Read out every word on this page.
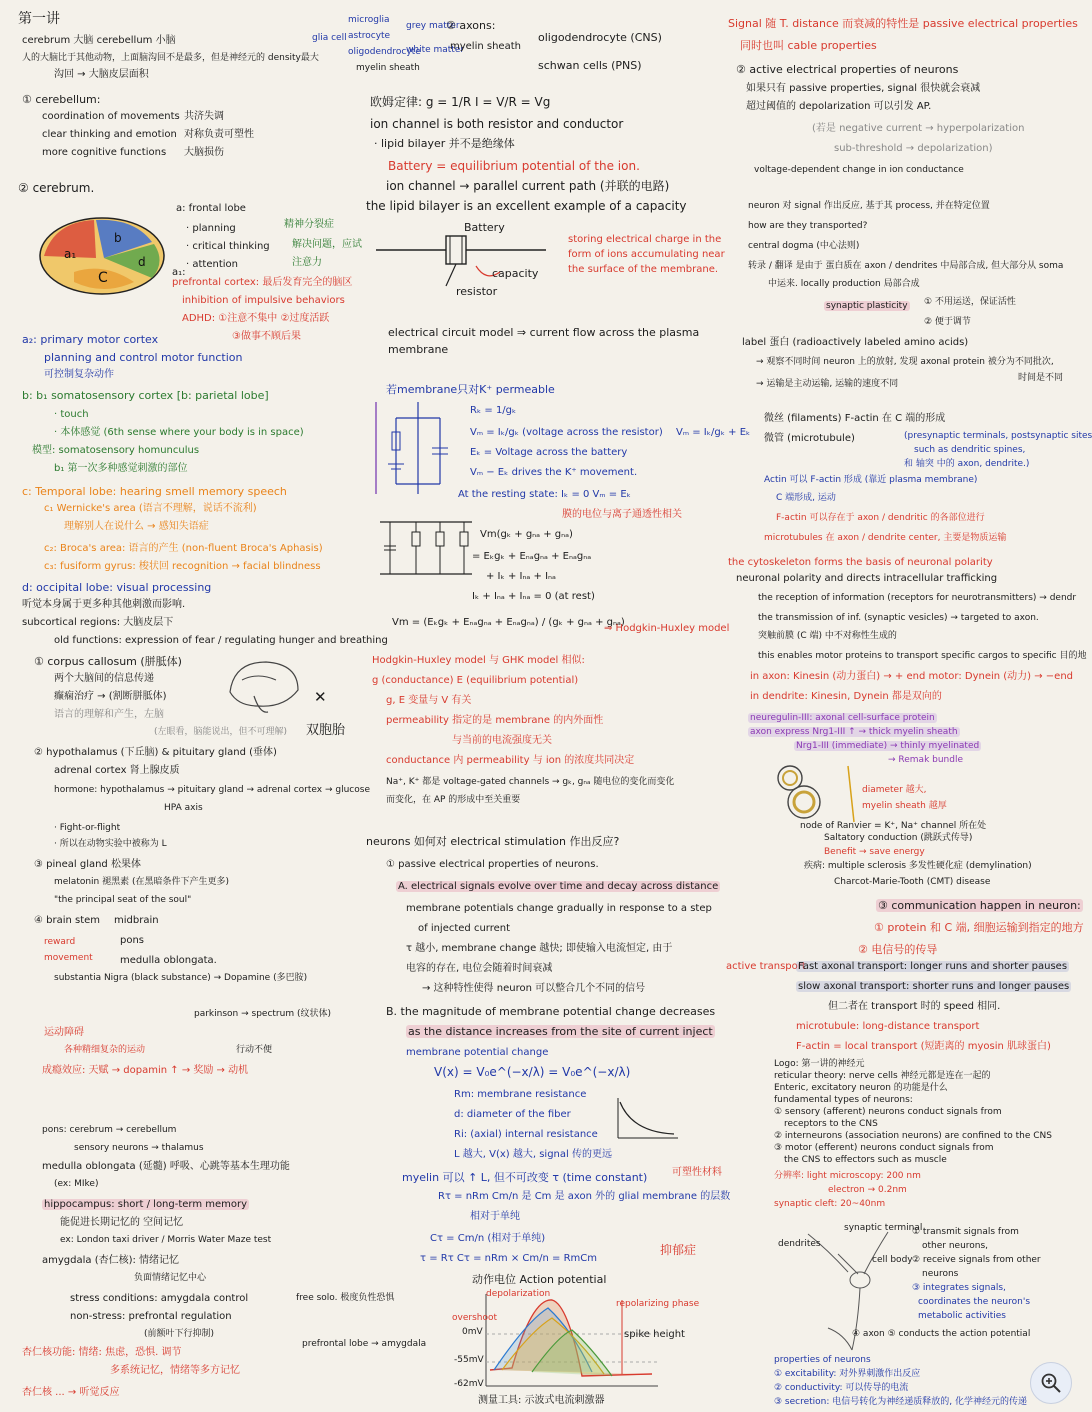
第一讲
cerebrum 大脑 cerebellum 小脑
人的大脑比于其他动物，上面脑沟回不是最多，但是神经元的 density最大
沟回 → 大脑皮层面积
① cerebellum:
coordination of movements
clear thinking and emotion
more cognitive functions
共济失调
对称负责可塑性
大脑损伤
② cerebrum.
a₁
b
d
C
a: frontal lobe
· planning
· critical thinking
· attention
精神分裂症
解决问题，应试
注意力
a₁:
prefrontal cortex: 最后发育完全的脑区
inhibition of impulsive behaviors
ADHD: ①注意不集中 ②过度活跃
③做事不顾后果
a₂: primary motor cortex
planning and control motor function
可控制复杂动作
b: b₁ somatosensory cortex [b: parietal lobe]
· touch
· 本体感觉 (6th sense where your body is in space)
模型: somatosensory homunculus
b₁ 第一次多种感觉刺激的部位
c: Temporal lobe: hearing smell memory speech
c₁ Wernicke's area (语言不理解，说话不流利)
理解别人在说什么 → 感知失语症
c₂: Broca's area: 语言的产生 (non-fluent Broca's Aphasis)
c₃: fusiform gyrus: 梭状回 recognition → facial blindness
d: occipital lobe: visual processing
听觉本身属于更多种其他刺激而影响.
subcortical regions: 大脑皮层下
old functions: expression of fear / regulating hunger and breathing
① corpus callosum (胼胝体)
两个大脑间的信息传递
癫痫治疗 → (割断胼胝体)
语言的理解和产生，左脑
(左眼看，脑能说出，但不可理解)
✕
双胞胎
② hypothalamus (下丘脑) & pituitary gland (垂体)
adrenal cortex 肾上腺皮质
hormone: hypothalamus → pituitary gland → adrenal cortex → glucose
HPA axis
· Fight-or-flight
· 所以在动物实验中被称为 L
③ pineal gland 松果体
melatonin 褪黑素 (在黑暗条件下产生更多)
"the principal seat of the soul"
④ brain stem midbrain
pons
medulla oblongata.
reward
movement
substantia Nigra (black substance) → Dopamine (多巴胺)
parkinson → spectrum (纹状体)
运动障碍
各种精细复杂的运动	行动不便
成瘾效应: 天赋 → dopamin ↑ → 奖励 → 动机
pons: cerebrum → cerebellum
sensory neurons → thalamus
medulla oblongata (延髓) 呼吸、心跳等基本生理功能
(ex: MIke)
hippocampus: short / long-term memory
能促进长期记忆的 空间记忆
ex: London taxi driver / Morris Water Maze test
amygdala (杏仁核): 情绪记忆
负面情绪记忆中心
stress conditions: amygdala control
non-stress: prefrontal regulation
(前额叶下行抑制)
free solo. 极度负性恐惧
prefrontal lobe → amygdala
杏仁核功能: 情绪: 焦虑，恐惧. 调节
多系统记忆，情绪等多方记忆
杏仁核 ... → 听觉反应
glia cell
microglia
astrocyte
oligodendrocyte
grey matter
white matter
myelin sheath
② axons:
myelin sheath
oligodendrocyte (CNS)
schwan cells (PNS)
欧姆定律: g = 1/R I = V/R = Vg
ion channel is both resistor and conductor
· lipid bilayer 并不是绝缘体
Battery = equilibrium potential of the ion.
ion channel → parallel current path (并联的电路)
the lipid bilayer is an excellent example of a capacity
Battery
capacity
resistor
storing electrical charge in the form of ions accumulating near the surface of the membrane.
electrical circuit model ⇒ current flow across the plasma membrane
若membrane只对K⁺ permeable
Rₖ = 1/gₖ
Vₘ = Iₖ/gₖ (voltage across the resistor)
Eₖ = Voltage across the battery
Vₘ − Eₖ drives the K⁺ movement.
At the resting state: Iₖ = 0 Vₘ = Eₖ
Vₘ = Iₖ/gₖ + Eₖ
膜的电位与离子通透性相关
Vm(gₖ + gₙₐ + gₙₐ)
= Eₖgₖ + Eₙₐgₙₐ + Eₙₐgₙₐ
+ Iₖ + Iₙₐ + Iₙₐ
Iₖ + Iₙₐ + Iₙₐ = 0 (at rest)
Vm = (Eₖgₖ + Eₙₐgₙₐ + Eₙₐgₙₐ) / (gₖ + gₙₐ + gₙₐ)
⇒ Hodgkin-Huxley model
Hodgkin-Huxley model 与 GHK model 相似:
g (conductance) E (equilibrium potential)
g, E 变量与 V 有关
permeability 指定的是 membrane 的内外面性
与当前的电流强度无关
conductance 内 permeability 与 ion 的浓度共同决定
Na⁺, K⁺ 都是 voltage-gated channels → gₖ, gₙₐ 随电位的变化而变化
而变化，在 AP 的形成中至关重要
neurons 如何对 electrical stimulation 作出反应?
① passive electrical properties of neurons.
A. electrical signals evolve over time and decay across distance
membrane potentials change gradually in response to a step
of injected current
τ 越小, membrane change 越快; 即使输入电流恒定, 由于
电容的存在, 电位会随着时间衰减
→ 这种特性使得 neuron 可以整合几个不同的信号
B. the magnitude of membrane potential change decreases
as the distance increases from the site of current inject
membrane potential change
V(x) = V₀e^(−x/λ) = V₀e^(−x/λ)
Rm: membrane resistance
d: diameter of the fiber
Ri: (axial) internal resistance
L 越大, V(x) 越大, signal 传的更远
myelin 可以 ↑ L, 但不可改变 τ (time constant)
Rτ = nRm Cm/n 是 Cm 是 axon 外的 glial membrane 的层数
相对于单纯
Cτ = Cm/n (相对于单纯)
τ = Rτ Cτ = nRm × Cm/n = RmCm
动作电位 Action potential
depolarization
repolarizing phase
overshoot
0mV
-55mV
-62mV
spike height
测量工具: 示波式电流刺激器
active transport
抑郁症
可塑性材料
Signal 随 T. distance 而衰减的特性是 passive electrical properties
同时也叫 cable properties
② active electrical properties of neurons
如果只有 passive properties, signal 很快就会衰减
超过阈值的 depolarization 可以引发 AP.
(若是 negative current → hyperpolarization
sub-threshold → depolarization)
voltage-dependent change in ion conductance
neuron 对 signal 作出反应, 基于其 process, 并在特定位置
how are they transported?
central dogma (中心法则)
转录 / 翻译 是由于 蛋白质在 axon / dendrites 中局部合成, 但大部分从 soma
中运来. locally production 局部合成
synaptic plasticity ① 不用运送，保证活性
② 便于调节
label 蛋白 (radioactively labeled amino acids)
→ 观察不同时间 neuron 上的放射, 发现 axonal protein 被分为不同批次,
时间是不同
→ 运输是主动运输, 运输的速度不同
微丝 (filaments) F-actin 在 C 端的形成
微管 (microtubule)	(presynaptic terminals, postsynaptic sites
such as dendritic spines,
和 轴突 中的 axon, dendrite.)
Actin 可以 F-actin 形成 (靠近 plasma membrane)
C 端形成, 运动
F-actin 可以存在于 axon / dendritic 的各部位进行
microtubules 在 axon / dendrite center, 主要是物质运输
the cytoskeleton forms the basis of neuronal polarity
neuronal polarity and directs intracellular trafficking
the reception of information (receptors for neurotransmitters) → dendr
the transmission of inf. (synaptic vesicles) → targeted to axon.
突触前膜 (C 端) 中不对称性生成的
this enables motor proteins to transport specific cargos to specific 目的地
in axon: Kinesin (动力蛋白) → + end motor: Dynein (动力) → −end
in dendrite: Kinesin, Dynein 都是双向的
neuregulin-III: axonal cell-surface protein
axon express Nrg1-III ↑ → thick myelin sheath
Nrg1-III (immediate) → thinly myelinated
→ Remak bundle
diameter 越大,
myelin sheath 越厚
node of Ranvier = K⁺, Na⁺ channel 所在处
Saltatory conduction (跳跃式传导)
Benefit → save energy
疾病: multiple sclerosis 多发性硬化症 (demylination)
Charcot-Marie-Tooth (CMT) disease
③ communication happen in neuron:
① protein 和 C 端, 细胞运输到指定的地方
② 电信号的传导
Fast axonal transport: longer runs and shorter pauses
slow axonal transport: shorter runs and longer pauses
但二者在 transport 时的 speed 相同.
microtubule: long-distance transport
F-actin = local transport (短距离的 myosin 肌球蛋白)
Logo: 第一讲的神经元
reticular theory: nerve cells 神经元都是连在一起的
Enteric, excitatory neuron 的功能是什么
fundamental types of neurons:
① sensory (afferent) neurons conduct signals from
receptors to the CNS
② interneurons (association neurons) are confined to the CNS
③ motor (efferent) neurons conduct signals from
the CNS to effectors such as muscle
分辨率: light microscopy: 200 nm
electron → 0.2nm
synaptic cleft: 20~40nm
dendrites
synaptic terminal
cell body
① transmit signals from
other neurons,
② receive signals from other
neurons
③ integrates signals,
coordinates the neuron's
metabolic activities
④ axon ⑤ conducts the action potential
properties of neurons
① excitability: 对外界刺激作出反应
② conductivity: 可以传导的电流
③ secretion: 电信号转化为神经递质释放的, 化学神经元的传递
